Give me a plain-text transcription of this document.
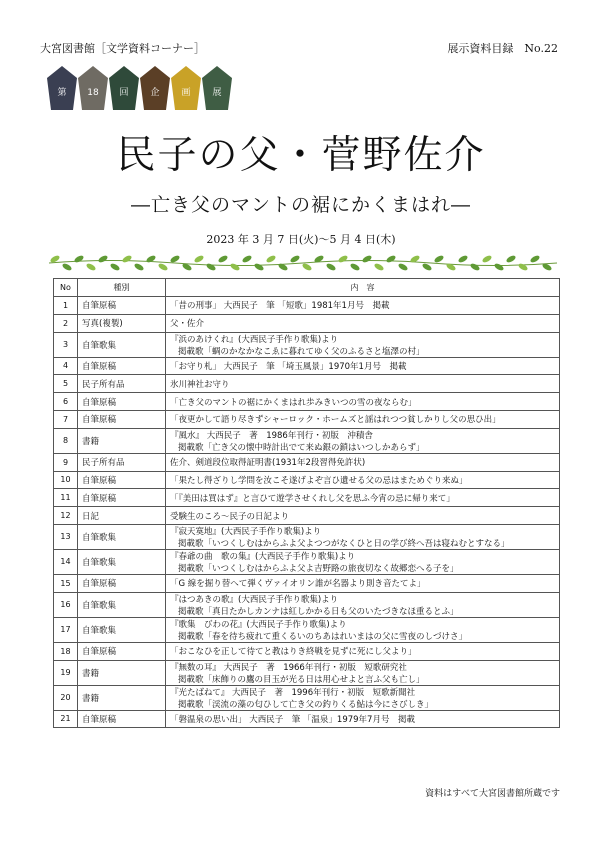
大宮図書館［文学資料コーナー］	展示資料目録　No.22
第 18 回 企 画 展
民子の父・菅野佐介
―亡き父のマントの裾にかくまはれ―
2023 年 3 月 7 日(火)～5 月 4 日(木)
No	種別	内　容
1	自筆原稿	「昔の刑事」 大西民子　筆 「短歌」1981年1月号　掲載

2	写真(複製)	父・佐介

3	自筆歌集	『浜のあけくれ』(大西民子手作り歌集)より
掲載歌「蜩のかなかなこゑに暮れてゆく父のふるさと塩澤の村」

4	自筆原稿	「お守り札」 大西民子　筆 「埼玉風景」1970年1月号　掲載

5	民子所有品	氷川神社お守り

6	自筆原稿	「亡き父のマントの裾にかくまはれ歩みきいつの雪の夜ならむ」

7	自筆原稿	「夜更かして語り尽きずシャーロック・ホームズと謡はれつつ貧しかりし父の思ひ出」

8	書籍	『風水』 大西民子　著　1986年刊行・初版　沖積舎
掲載歌「亡き父の懐中時計出でて来ぬ銀の鎖はいつしかあらず」

9	民子所有品	佐介、剣道段位取得証明書(1931年2段習得免許状)

10	自筆原稿	「果たし得ざりし学問を汝こそ遂げよぞ言ひ遺せる父の忌はまためぐり来ぬ」

11	自筆原稿	「『美田は買はず』と言ひて遊学させくれし父を思ふ今宵の忌に帰り来て」

12	日記	受験生のころ～民子の日記より

13	自筆歌集	『寂天寞地』(大西民子手作り歌集)より
掲載歌「いつくしむはからふよ父よつつがなくひと日の学び終へ吾は寝ねむとすなる」

14	自筆歌集	『春爺の曲　歌の集』(大西民子手作り歌集)より
掲載歌「いつくしむはからふよ父よ吉野路の旅夜切なく故郷恋へる子を」

15	自筆原稿	「G 線を掘り替へて弾くヴァイオリン誰が名器より則き音たてよ」

16	自筆歌集	『はつあきの歌』(大西民子手作り歌集)より
掲載歌「真日たかしカンナは紅しかかる日も父のいたづきなほ重るとふ」

17	自筆歌集	『歌集　びわの花』(大西民子手作り歌集)より
掲載歌「春を待ち疲れて重くるいのちあはれいまはの父に雪夜のしづけさ」

18	自筆原稿	「おこなひを正して待てと教はりき終戦を見ずに死にし父より」

19	書籍	『無数の耳』 大西民子　著　1966年刊行・初版　短歌研究社
掲載歌「床飾りの鷹の目玉が光る日は用心せよと言ふ父も亡し」

20	書籍	『光たばねて』 大西民子　著　1996年刊行・初版　短歌新聞社
掲載歌「渓流の藻の匂ひして亡き父の釣りくる鮎は今にさびしき」

21	自筆原稿	「磐温泉の思い出」 大西民子　筆 「温泉」1979年7月号　掲載
資料はすべて大宮図書館所蔵です
